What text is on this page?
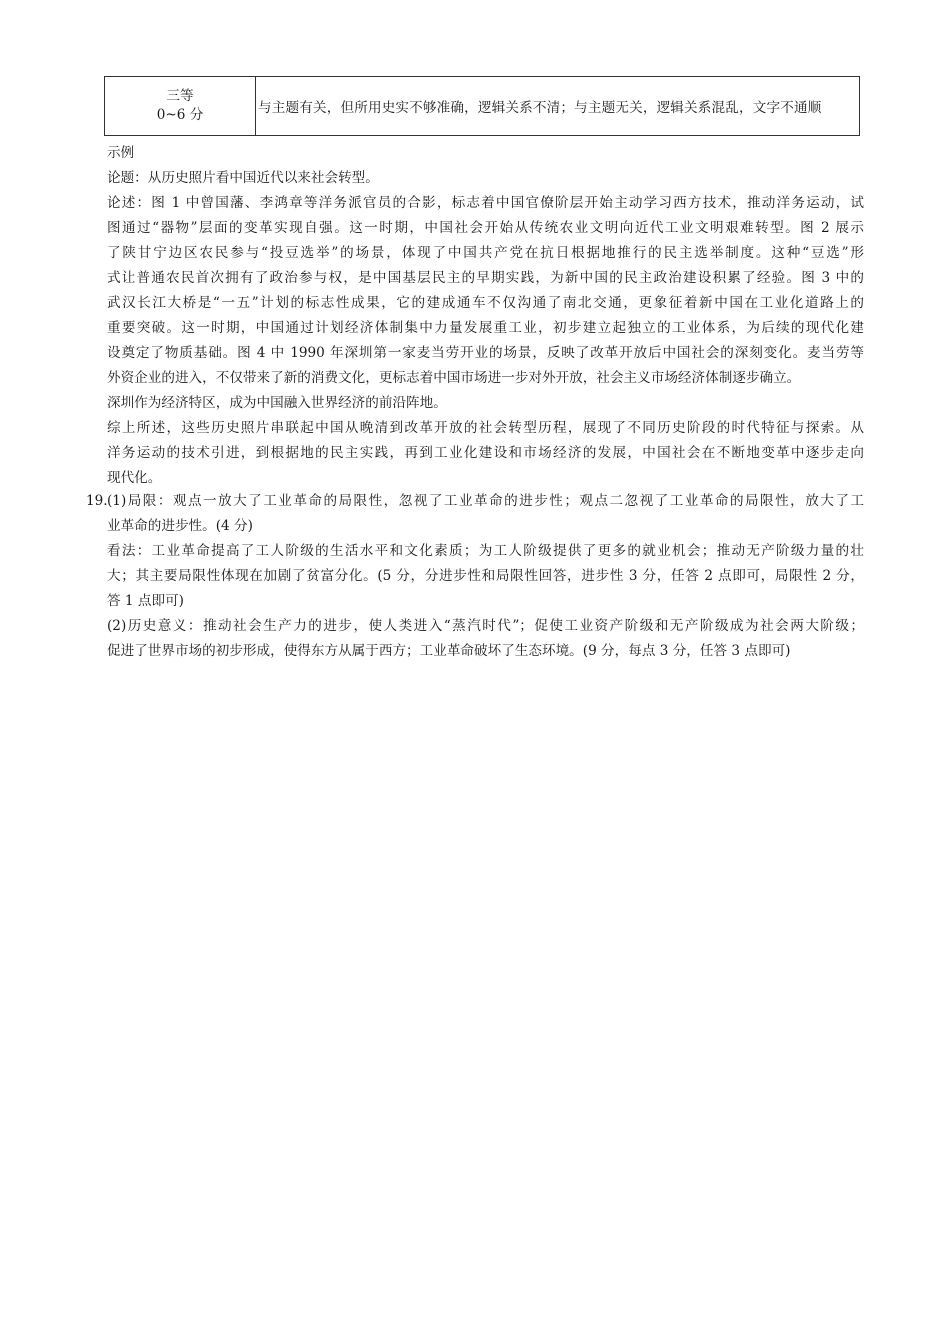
三等
0~6 分	与主题有关，但所用史实不够准确，逻辑关系不清；与主题无关，逻辑关系混乱，文字不通顺
示例
论题：从历史照片看中国近代以来社会转型。
论述：图 1 中曾国藩、李鸿章等洋务派官员的合影，标志着中国官僚阶层开始主动学习西方技术，推动洋务运动，试
图通过“器物”层面的变革实现自强。这一时期，中国社会开始从传统农业文明向近代工业文明艰难转型。图 2 展示
了陕甘宁边区农民参与“投豆选举”的场景，体现了中国共产党在抗日根据地推行的民主选举制度。这种“豆选”形
式让普通农民首次拥有了政治参与权，是中国基层民主的早期实践，为新中国的民主政治建设积累了经验。图 3 中的
武汉长江大桥是“一五”计划的标志性成果，它的建成通车不仅沟通了南北交通，更象征着新中国在工业化道路上的
重要突破。这一时期，中国通过计划经济体制集中力量发展重工业，初步建立起独立的工业体系，为后续的现代化建
设奠定了物质基础。图 4 中 1990 年深圳第一家麦当劳开业的场景，反映了改革开放后中国社会的深刻变化。麦当劳等
外资企业的进入，不仅带来了新的消费文化，更标志着中国市场进一步对外开放，社会主义市场经济体制逐步确立。
深圳作为经济特区，成为中国融入世界经济的前沿阵地。
综上所述，这些历史照片串联起中国从晚清到改革开放的社会转型历程，展现了不同历史阶段的时代特征与探索。从
洋务运动的技术引进，到根据地的民主实践，再到工业化建设和市场经济的发展，中国社会在不断地变革中逐步走向
现代化。
19. (1)局限：观点一放大了工业革命的局限性，忽视了工业革命的进步性；观点二忽视了工业革命的局限性，放大了工
业革命的进步性。(4 分)
看法：工业革命提高了工人阶级的生活水平和文化素质；为工人阶级提供了更多的就业机会；推动无产阶级力量的壮
大；其主要局限性体现在加剧了贫富分化。(5 分，分进步性和局限性回答，进步性 3 分，任答 2 点即可，局限性 2 分，
答 1 点即可)
(2)历史意义：推动社会生产力的进步，使人类进入“蒸汽时代”；促使工业资产阶级和无产阶级成为社会两大阶级；
促进了世界市场的初步形成，使得东方从属于西方；工业革命破坏了生态环境。(9 分，每点 3 分，任答 3 点即可)
